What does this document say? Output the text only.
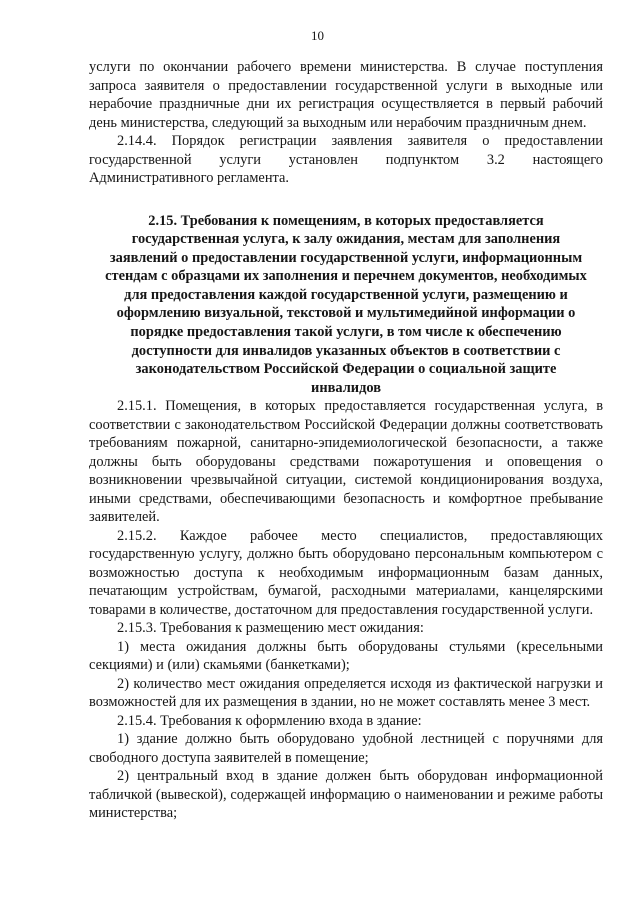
10

услуги по окончании рабочего времени министерства. В случае поступления запроса заявителя о предоставлении государственной услуги в выходные или нерабочие праздничные дни их регистрация осуществляется в первый рабочий день министерства, следующий за выходным или нерабочим праздничным днем.

2.14.4. Порядок регистрации заявления заявителя о предоставлении государственной услуги установлен подпунктом 3.2 настоящего Административного регламента.

2.15. Требования к помещениям, в которых предоставляется государственная услуга, к залу ожидания, местам для заполнения заявлений о предоставлении государственной услуги, информационным стендам с образцами их заполнения и перечнем документов, необходимых для предоставления каждой государственной услуги, размещению и оформлению визуальной, текстовой и мультимедийной информации о порядке предоставления такой услуги, в том числе к обеспечению доступности для инвалидов указанных объектов в соответствии с законодательством Российской Федерации о социальной защите инвалидов

2.15.1. Помещения, в которых предоставляется государственная услуга, в соответствии с законодательством Российской Федерации должны соответствовать требованиям пожарной, санитарно-эпидемиологической безопасности, а также должны быть оборудованы средствами пожаротушения и оповещения о возникновении чрезвычайной ситуации, системой кондиционирования воздуха, иными средствами, обеспечивающими безопасность и комфортное пребывание заявителей.

2.15.2. Каждое рабочее место специалистов, предоставляющих государственную услугу, должно быть оборудовано персональным компьютером с возможностью доступа к необходимым информационным базам данных, печатающим устройствам, бумагой, расходными материалами, канцелярскими товарами в количестве, достаточном для предоставления государственной услуги.

2.15.3. Требования к размещению мест ожидания:

1) места ожидания должны быть оборудованы стульями (кресельными секциями) и (или) скамьями (банкетками);

2) количество мест ожидания определяется исходя из фактической нагрузки и возможностей для их размещения в здании, но не может составлять менее 3 мест.

2.15.4. Требования к оформлению входа в здание:

1) здание должно быть оборудовано удобной лестницей с поручнями для свободного доступа заявителей в помещение;

2) центральный вход в здание должен быть оборудован информационной табличкой (вывеской), содержащей информацию о наименовании и режиме работы министерства;
